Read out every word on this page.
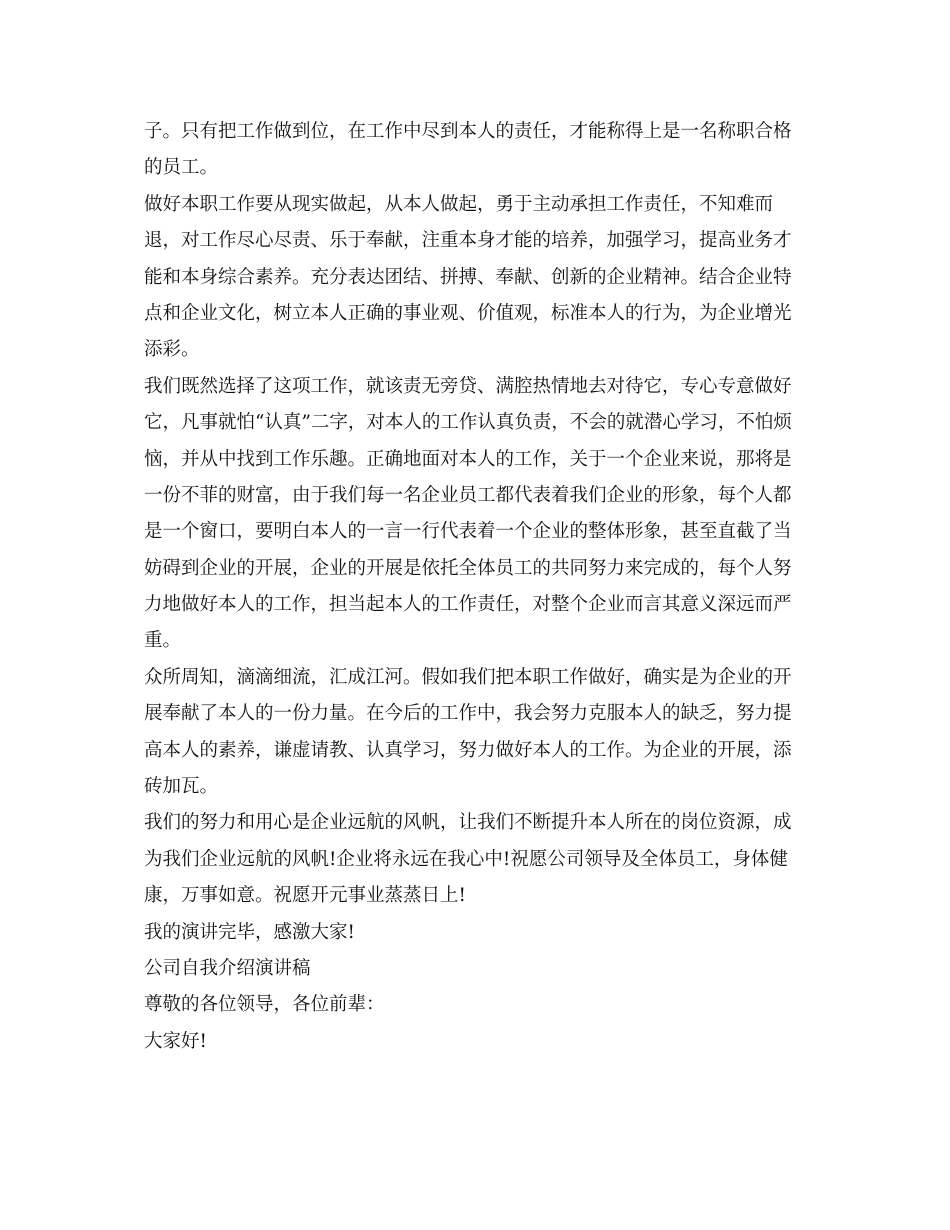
子。只有把工作做到位，在工作中尽到本人的责任，才能称得上是一名称职合格
的员工。
做好本职工作要从现实做起，从本人做起，勇于主动承担工作责任，不知难而
退，对工作尽心尽责、乐于奉献，注重本身才能的培养，加强学习，提高业务才
能和本身综合素养。充分表达团结、拼搏、奉献、创新的企业精神。结合企业特
点和企业文化，树立本人正确的事业观、价值观，标准本人的行为，为企业增光
添彩。
我们既然选择了这项工作，就该责无旁贷、满腔热情地去对待它，专心专意做好
它，凡事就怕“认真”二字，对本人的工作认真负责，不会的就潜心学习，不怕烦
恼，并从中找到工作乐趣。正确地面对本人的工作，关于一个企业来说，那将是
一份不菲的财富，由于我们每一名企业员工都代表着我们企业的形象，每个人都
是一个窗口，要明白本人的一言一行代表着一个企业的整体形象，甚至直截了当
妨碍到企业的开展，企业的开展是依托全体员工的共同努力来完成的，每个人努
力地做好本人的工作，担当起本人的工作责任，对整个企业而言其意义深远而严
重。
众所周知，滴滴细流，汇成江河。假如我们把本职工作做好，确实是为企业的开
展奉献了本人的一份力量。在今后的工作中，我会努力克服本人的缺乏，努力提
高本人的素养，谦虚请教、认真学习，努力做好本人的工作。为企业的开展，添
砖加瓦。
我们的努力和用心是企业远航的风帆，让我们不断提升本人所在的岗位资源，成
为我们企业远航的风帆!企业将永远在我心中!祝愿公司领导及全体员工，身体健
康，万事如意。祝愿开元事业蒸蒸日上!
我的演讲完毕，感激大家!
公司自我介绍演讲稿
尊敬的各位领导，各位前辈：
大家好!
